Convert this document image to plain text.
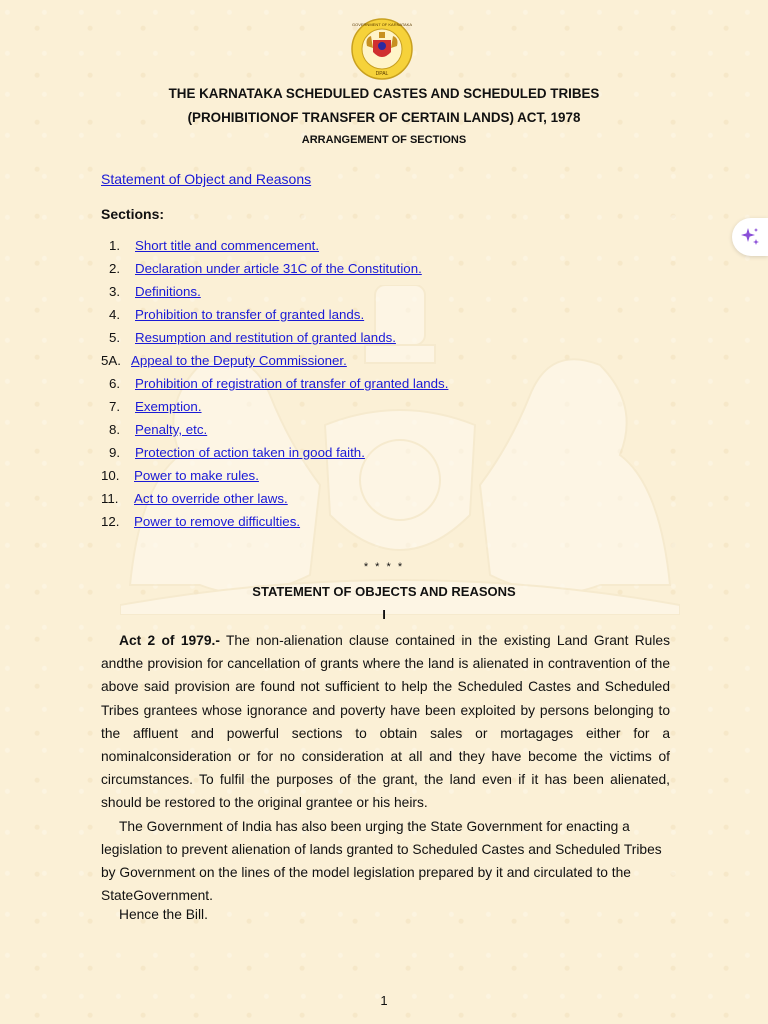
DPAL
GOVERNMENT OF KARNATAKA
THE KARNATAKA SCHEDULED CASTES AND SCHEDULED TRIBES
(PROHIBITIONOF TRANSFER OF CERTAIN LANDS) ACT, 1978
ARRANGEMENT OF SECTIONS
Statement of Object and Reasons
Sections:
1. Short title and commencement.
2. Declaration under article 31C of the Constitution.
3. Definitions.
4. Prohibition to transfer of granted lands.
5. Resumption and restitution of granted lands.
5A. Appeal to the Deputy Commissioner.
6. Prohibition of registration of transfer of granted lands.
7. Exemption.
8. Penalty, etc.
9. Protection of action taken in good faith.
10. Power to make rules.
11. Act to override other laws.
12. Power to remove difficulties.
* * * *
STATEMENT OF OBJECTS AND REASONS
I

Act 2 of 1979.- The non-alienation clause contained in the existing Land Grant Rules andthe provision for cancellation of grants where the land is alienated in contravention of the above said provision are found not sufficient to help the Scheduled Castes and Scheduled Tribes grantees whose ignorance and poverty have been exploited by persons belonging to the affluent and powerful sections to obtain sales or mortagages either for a nominalconsideration or for no consideration at all and they have become the victims of circumstances. To fulfil the purposes of the grant, the land even if it has been alienated, should be restored to the original grantee or his heirs.

The Government of India has also been urging the State Government for enacting a legislation to prevent alienation of lands granted to Scheduled Castes and Scheduled Tribes by Government on the lines of the model legislation prepared by it and circulated to the StateGovernment.

Hence the Bill.
1
